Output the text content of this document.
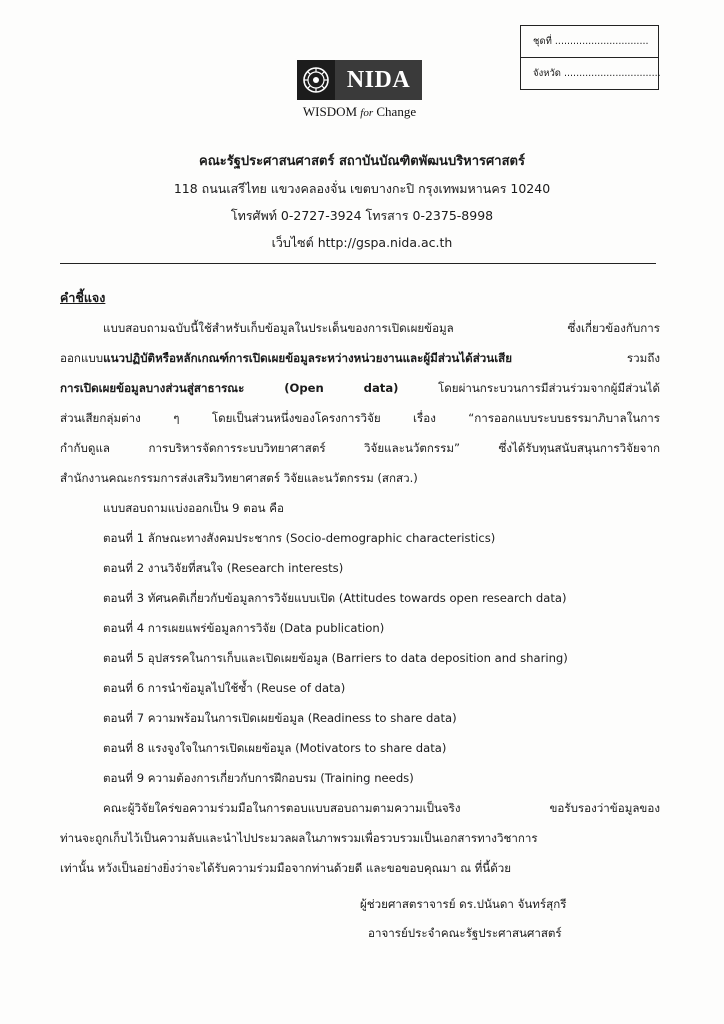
ชุดที่ ...............................
จังหวัด ................................
NIDA
WISDOM for Change
คณะรัฐประศาสนศาสตร์ สถาบันบัณฑิตพัฒนบริหารศาสตร์
118 ถนนเสรีไทย แขวงคลองจั่น เขตบางกะปิ กรุงเทพมหานคร 10240
โทรศัพท์ 0-2727-3924 โทรสาร 0-2375-8998
เว็บไซต์ http://gspa.nida.ac.th
คำชี้แจง
แบบสอบถามฉบับนี้ใช้สำหรับเก็บข้อมูลในประเด็นของการเปิดเผยข้อมูล ซึ่งเกี่ยวข้องกับการ
ออกแบบแนวปฏิบัติหรือหลักเกณฑ์การเปิดเผยข้อมูลระหว่างหน่วยงานและผู้มีส่วนได้ส่วนเสีย รวมถึง
การเปิดเผยข้อมูลบางส่วนสู่สาธารณะ (Open data) โดยผ่านกระบวนการมีส่วนร่วมจากผู้มีส่วนได้
ส่วนเสียกลุ่มต่าง ๆ โดยเป็นส่วนหนึ่งของโครงการวิจัย เรื่อง “การออกแบบระบบธรรมาภิบาลในการ
กำกับดูแล การบริหารจัดการระบบวิทยาศาสตร์ วิจัยและนวัตกรรม” ซึ่งได้รับทุนสนับสนุนการวิจัยจาก
สำนักงานคณะกรรมการส่งเสริมวิทยาศาสตร์ วิจัยและนวัตกรรม (สกสว.)
แบบสอบถามแบ่งออกเป็น 9 ตอน คือ
ตอนที่ 1 ลักษณะทางสังคมประชากร (Socio-demographic characteristics)
ตอนที่ 2 งานวิจัยที่สนใจ (Research interests)
ตอนที่ 3 ทัศนคติเกี่ยวกับข้อมูลการวิจัยแบบเปิด (Attitudes towards open research data)
ตอนที่ 4 การเผยแพร่ข้อมูลการวิจัย (Data publication)
ตอนที่ 5 อุปสรรคในการเก็บและเปิดเผยข้อมูล (Barriers to data deposition and sharing)
ตอนที่ 6 การนำข้อมูลไปใช้ซ้ำ (Reuse of data)
ตอนที่ 7 ความพร้อมในการเปิดเผยข้อมูล (Readiness to share data)
ตอนที่ 8 แรงจูงใจในการเปิดเผยข้อมูล (Motivators to share data)
ตอนที่ 9 ความต้องการเกี่ยวกับการฝึกอบรม (Training needs)
คณะผู้วิจัยใคร่ขอความร่วมมือในการตอบแบบสอบถามตามความเป็นจริง ขอรับรองว่าข้อมูลของ
ท่านจะถูกเก็บไว้เป็นความลับและนำไปประมวลผลในภาพรวมเพื่อรวบรวมเป็นเอกสารทางวิชาการ
เท่านั้น หวังเป็นอย่างยิ่งว่าจะได้รับความร่วมมือจากท่านด้วยดี และขอขอบคุณมา ณ ที่นี้ด้วย
ผู้ช่วยศาสตราจารย์ ดร.ปนันดา จันทร์สุกรี
อาจารย์ประจำคณะรัฐประศาสนศาสตร์
